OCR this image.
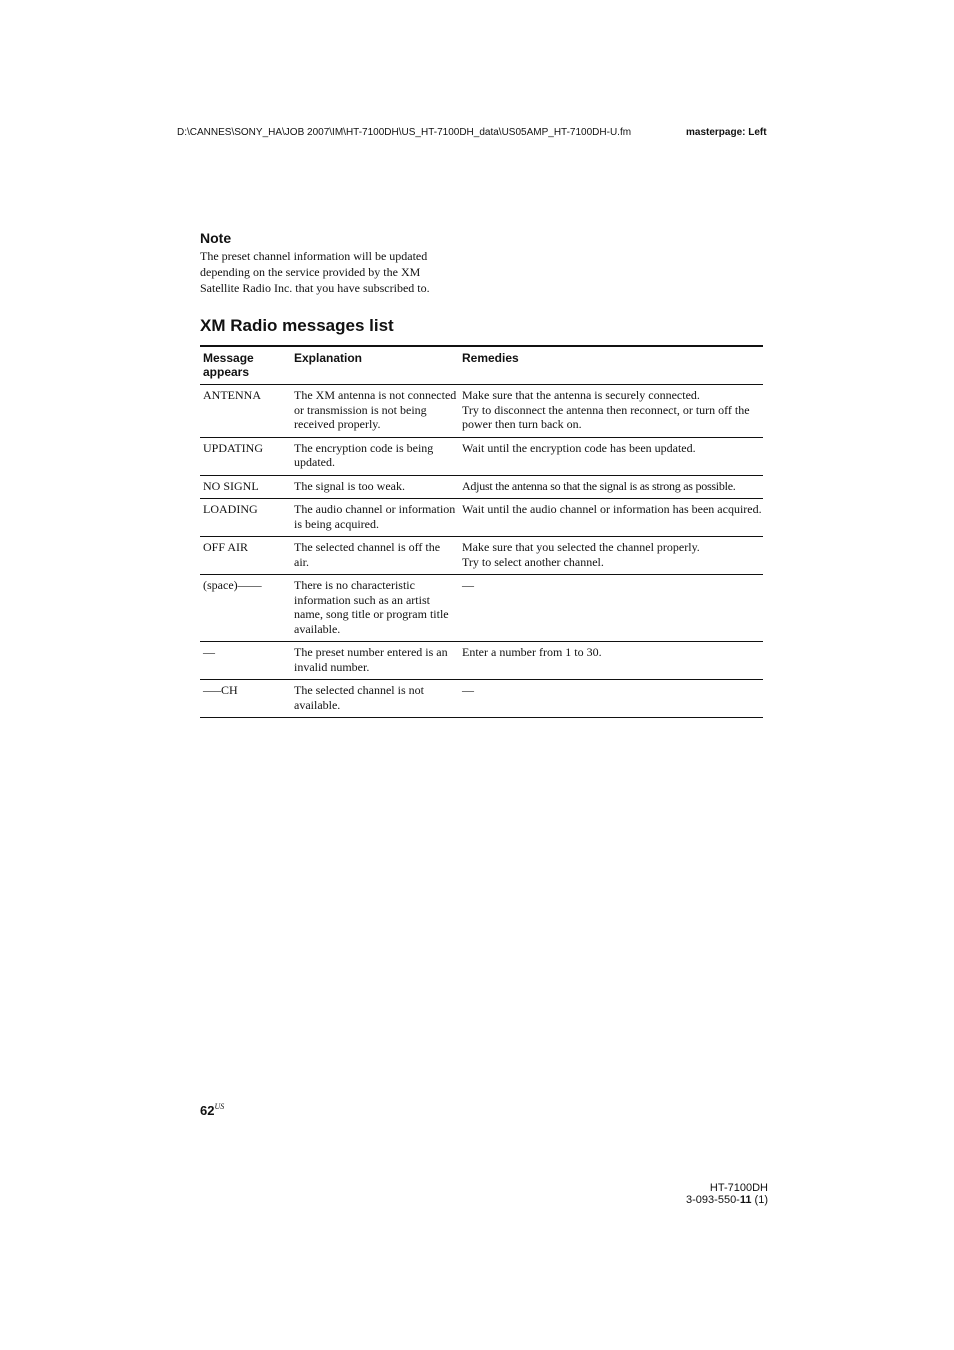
D:\CANNES\SONY_HA\JOB 2007\IM\HT-7100DH\US_HT-7100DH_data\US05AMP_HT-7100DH-U.fm	masterpage: Left
Note
The preset channel information will be updated depending on the service provided by the XM Satellite Radio Inc. that you have subscribed to.
XM Radio messages list
Message appears	Explanation	Remedies
ANTENNA	The XM antenna is not connected or transmission is not being received properly.	Make sure that the antenna is securely connected.
Try to disconnect the antenna then reconnect, or turn off the power then turn back on.

UPDATING	The encryption code is being updated.	Wait until the encryption code has been updated.

NO SIGNL	The signal is too weak.	Adjust the antenna so that the signal is as strong as possible.

LOADING	The audio channel or information is being acquired.	Wait until the audio channel or information has been acquired.

OFF AIR	The selected channel is off the air.	Make sure that you selected the channel properly.
Try to select another channel.

(space)––––	There is no characteristic information such as an artist name, song title or program title available.	—

––	The preset number entered is an invalid number.	Enter a number from 1 to 30.

–––CH	The selected channel is not available.	—
$62^{US}$
HT-7100DH
3-093-550-11 (1)
